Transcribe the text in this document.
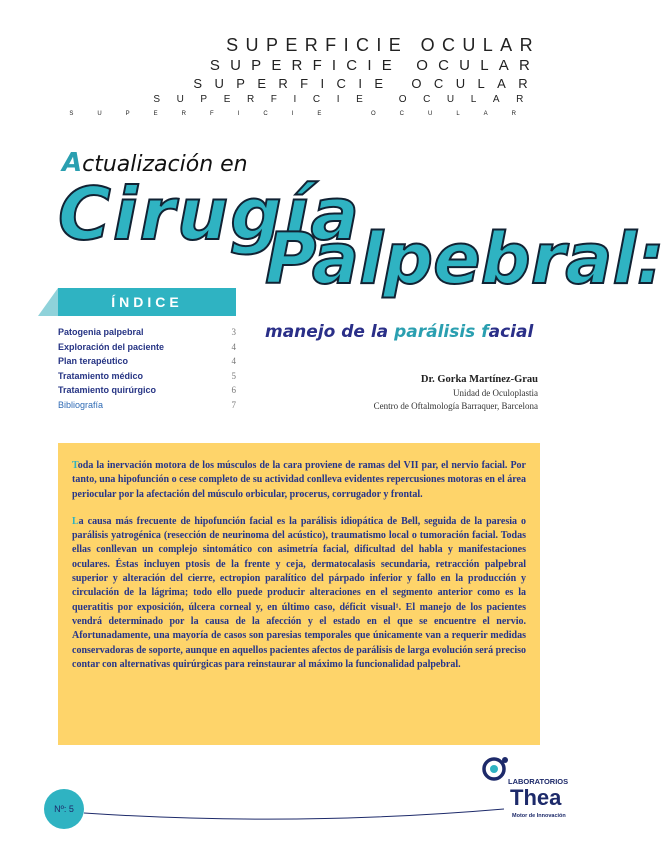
SUPERFICIE OCULAR
SUPERFICIE OCULAR
SUPERFICIE OCULAR
SUPERFICIE OCULAR
SUPERFICIE OCULAR
Actualización en
Cirugía
Palpebral:
manejo de la parálisis facial
ÍNDICE
Patogenia palpebral	3
Exploración del paciente	4
Plan terapéutico	4
Tratamiento médico	5
Tratamiento quirúrgico	6
Bibliografía	7
Dr. Gorka Martínez-Grau
Unidad de Oculoplastia
Centro de Oftalmología Barraquer, Barcelona

Toda la inervación motora de los músculos de la cara proviene de ramas del VII par, el nervio facial. Por tanto, una hipofunción o cese completo de su actividad conlleva evidentes repercusiones motoras en el área periocular por la afectación del músculo orbicular, procerus, corrugador y frontal.

La causa más frecuente de hipofunción facial es la parálisis idiopática de Bell, seguida de la paresia o parálisis yatrogénica (resección de neurinoma del acústico), traumatismo local o tumoración facial. Todas ellas conllevan un complejo sintomático con asimetría facial, dificultad del habla y manifestaciones oculares. Éstas incluyen ptosis de la frente y ceja, dermatocalasis secundaria, retracción palpebral superior y alteración del cierre, ectropion paralítico del párpado inferior y fallo en la producción y circulación de la lágrima; todo ello puede producir alteraciones en el segmento anterior como es la queratitis por exposición, úlcera corneal y, en último caso, déficit visual¹. El manejo de los pacientes vendrá determinado por la causa de la afección y el estado en el que se encuentre el nervio. Afortunadamente, una mayoría de casos son paresias temporales que únicamente van a requerir medidas conservadoras de soporte, aunque en aquellos pacientes afectos de parálisis de larga evolución será preciso contar con alternativas quirúrgicas para reinstaurar al máximo la funcionalidad palpebral.

Nº: 5
LABORATORIOS
Thea
Motor de Innovación
